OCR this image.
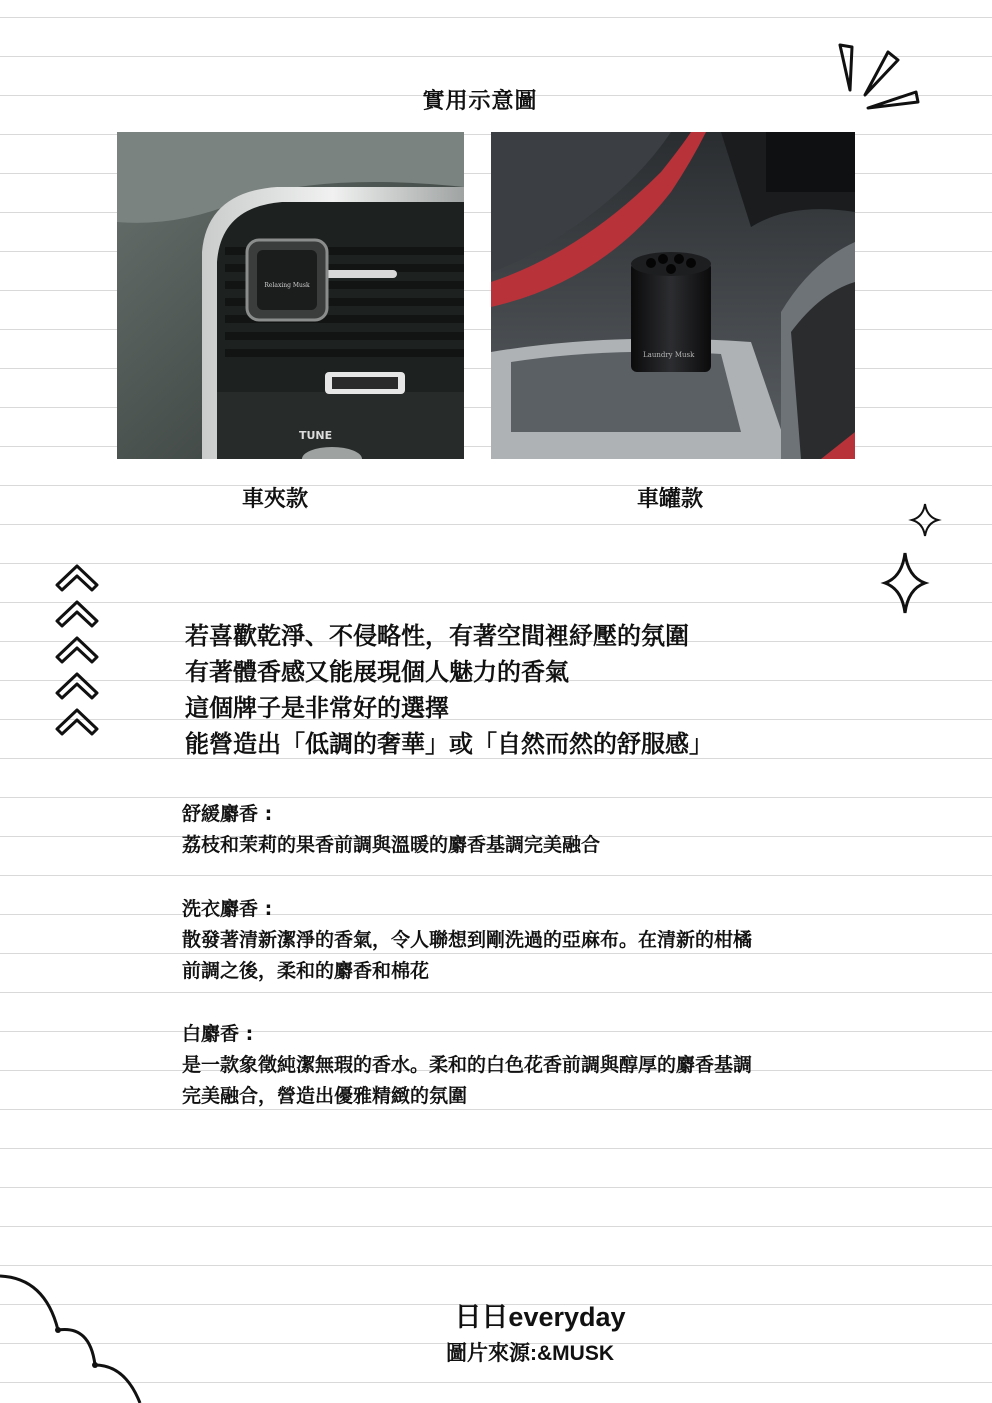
實用示意圖
TUNE
Relaxing Musk
Laundry Musk
車夾款	車罐款
若喜歡乾淨、不侵略性，有著空間裡紓壓的氛圍
有著體香感又能展現個人魅力的香氣
這個牌子是非常好的選擇
能營造出「低調的奢華」或「自然而然的舒服感」
舒緩麝香 :
荔枝和茉莉的果香前調與溫暖的麝香基調完美融合
洗衣麝香 :
散發著清新潔淨的香氣，令人聯想到剛洗過的亞麻布。在清新的柑橘
前調之後，柔和的麝香和棉花
白麝香 :
是一款象徵純潔無瑕的香水。柔和的白色花香前調與醇厚的麝香基調
完美融合，營造出優雅精緻的氛圍
日日everyday
圖片來源:&MUSK
